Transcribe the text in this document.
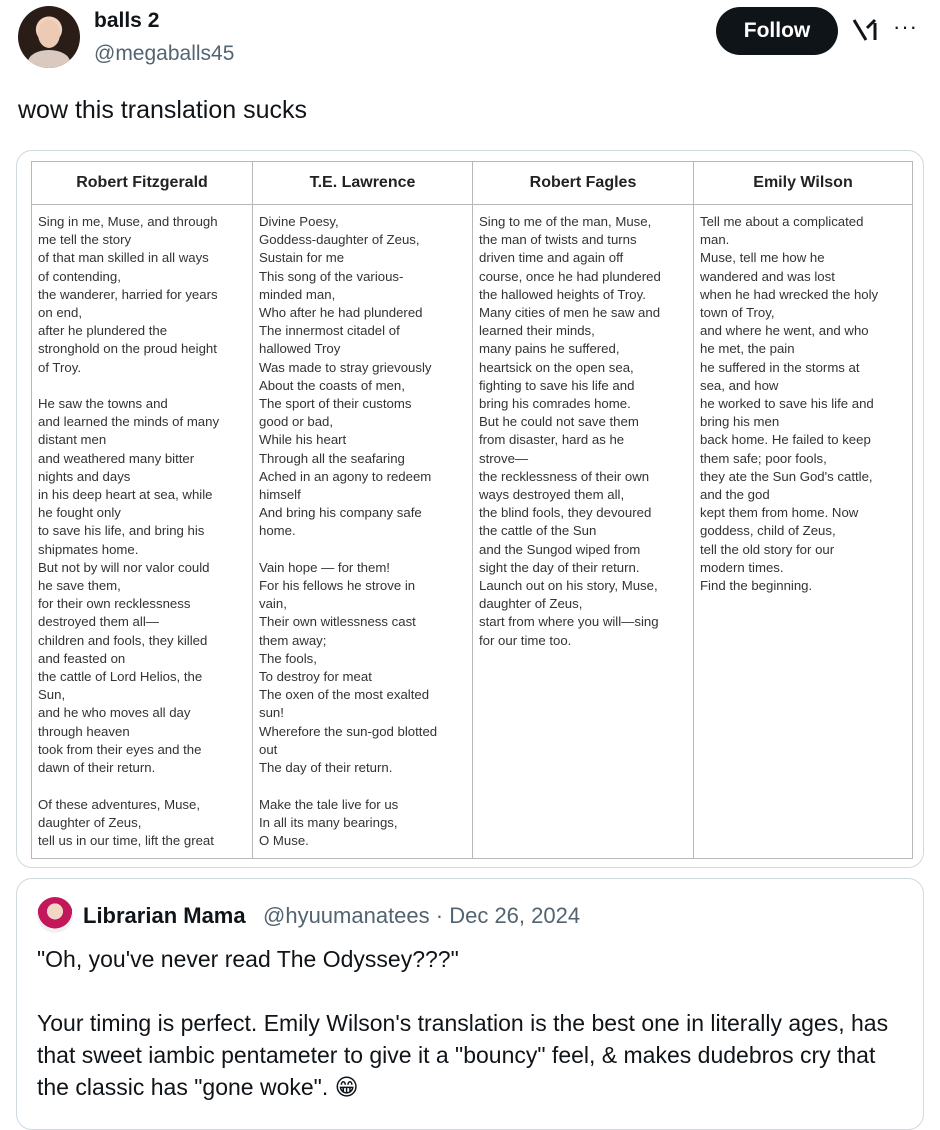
balls 2
@megaballs45
Follow	···
wow this translation sucks
Robert Fitzgerald
Sing in me, Muse, and through
me tell the story
of that man skilled in all ways
of contending,
the wanderer, harried for years
on end,
after he plundered the
stronghold on the proud height
of Troy.

He saw the towns and
and learned the minds of many
distant men
and weathered many bitter
nights and days
in his deep heart at sea, while
he fought only
to save his life, and bring his
shipmates home.
But not by will nor valor could
he save them,
for their own recklessness
destroyed them all—
children and fools, they killed
and feasted on
the cattle of Lord Helios, the
Sun,
and he who moves all day
through heaven
took from their eyes and the
dawn of their return.

Of these adventures, Muse,
daughter of Zeus,
tell us in our time, lift the great
T.E. Lawrence
Divine Poesy,
Goddess-daughter of Zeus,
Sustain for me
This song of the various-
minded man,
Who after he had plundered
The innermost citadel of
hallowed Troy
Was made to stray grievously
About the coasts of men,
The sport of their customs
good or bad,
While his heart
Through all the seafaring
Ached in an agony to redeem
himself
And bring his company safe
home.

Vain hope — for them!
For his fellows he strove in
vain,
Their own witlessness cast
them away;
The fools,
To destroy for meat
The oxen of the most exalted
sun!
Wherefore the sun-god blotted
out
The day of their return.

Make the tale live for us
In all its many bearings,
O Muse.
Robert Fagles
Sing to me of the man, Muse,
the man of twists and turns
driven time and again off
course, once he had plundered
the hallowed heights of Troy.
Many cities of men he saw and
learned their minds,
many pains he suffered,
heartsick on the open sea,
fighting to save his life and
bring his comrades home.
But he could not save them
from disaster, hard as he
strove—
the recklessness of their own
ways destroyed them all,
the blind fools, they devoured
the cattle of the Sun
and the Sungod wiped from
sight the day of their return.
Launch out on his story, Muse,
daughter of Zeus,
start from where you will—sing
for our time too.
Emily Wilson
Tell me about a complicated
man.
Muse, tell me how he
wandered and was lost
when he had wrecked the holy
town of Troy,
and where he went, and who
he met, the pain
he suffered in the storms at
sea, and how
he worked to save his life and
bring his men
back home. He failed to keep
them safe; poor fools,
they ate the Sun God's cattle,
and the god
kept them from home. Now
goddess, child of Zeus,
tell the old story for our
modern times.
Find the beginning.
Librarian Mama @hyuumanatees · Dec 26, 2024
"Oh, you've never read The Odyssey???"

Your timing is perfect. Emily Wilson's translation is the best one in literally ages, has that sweet iambic pentameter to give it a "bouncy" feel, & makes dudebros cry that the classic has "gone woke". 😁
